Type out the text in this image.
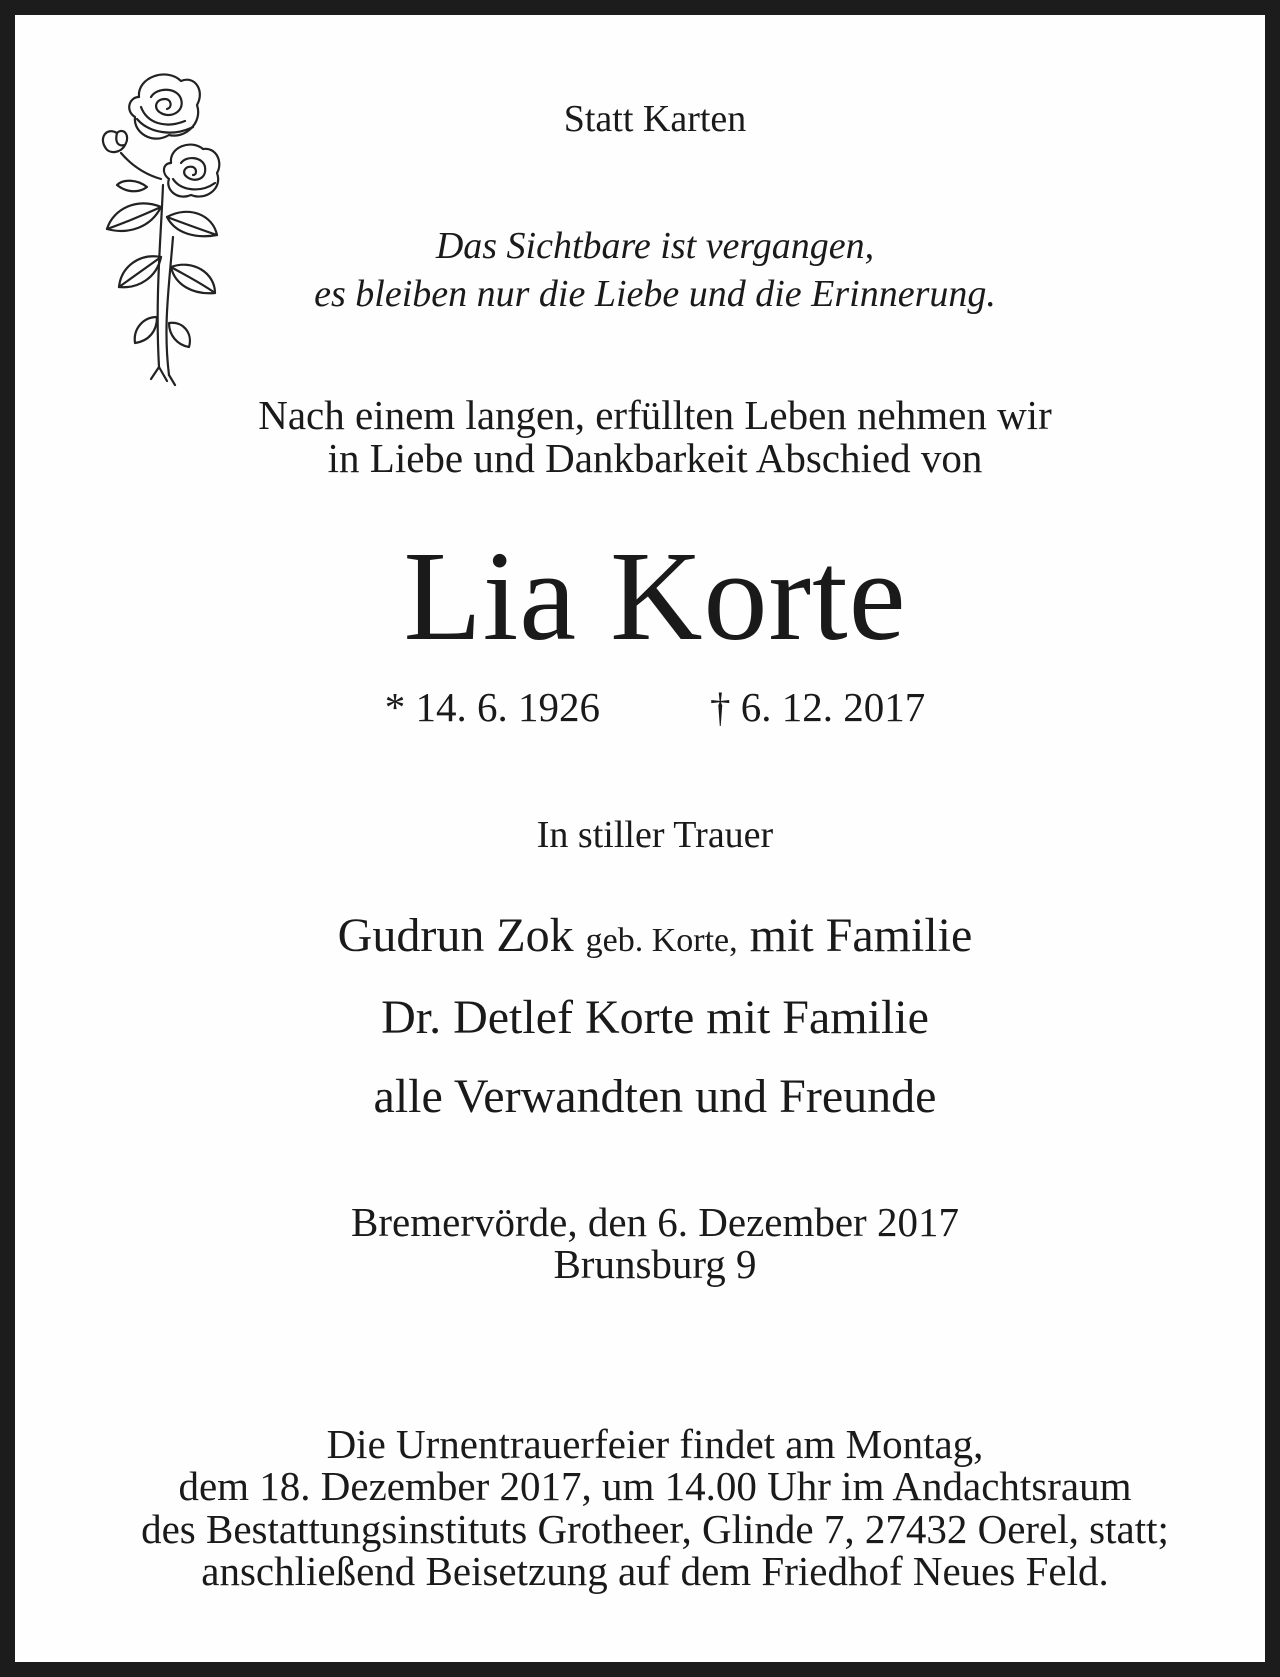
Statt Karten

Das Sichtbare ist vergangen,

es bleiben nur die Liebe und die Erinnerung.

Nach einem langen, erfüllten Leben nehmen wir

in Liebe und Dankbarkeit Abschied von

Lia Korte

* 14. 6. 1926	† 6. 12. 2017

In stiller Trauer

Gudrun Zok geb. Korte, mit Familie

Dr. Detlef Korte mit Familie

alle Verwandten und Freunde

Bremervörde, den 6. Dezember 2017

Brunsburg 9

Die Urnentrauerfeier findet am Montag,

dem 18. Dezember 2017, um 14.00 Uhr im Andachtsraum

des Bestattungsinstituts Grotheer, Glinde 7, 27432 Oerel, statt;

anschließend Beisetzung auf dem Friedhof Neues Feld.
